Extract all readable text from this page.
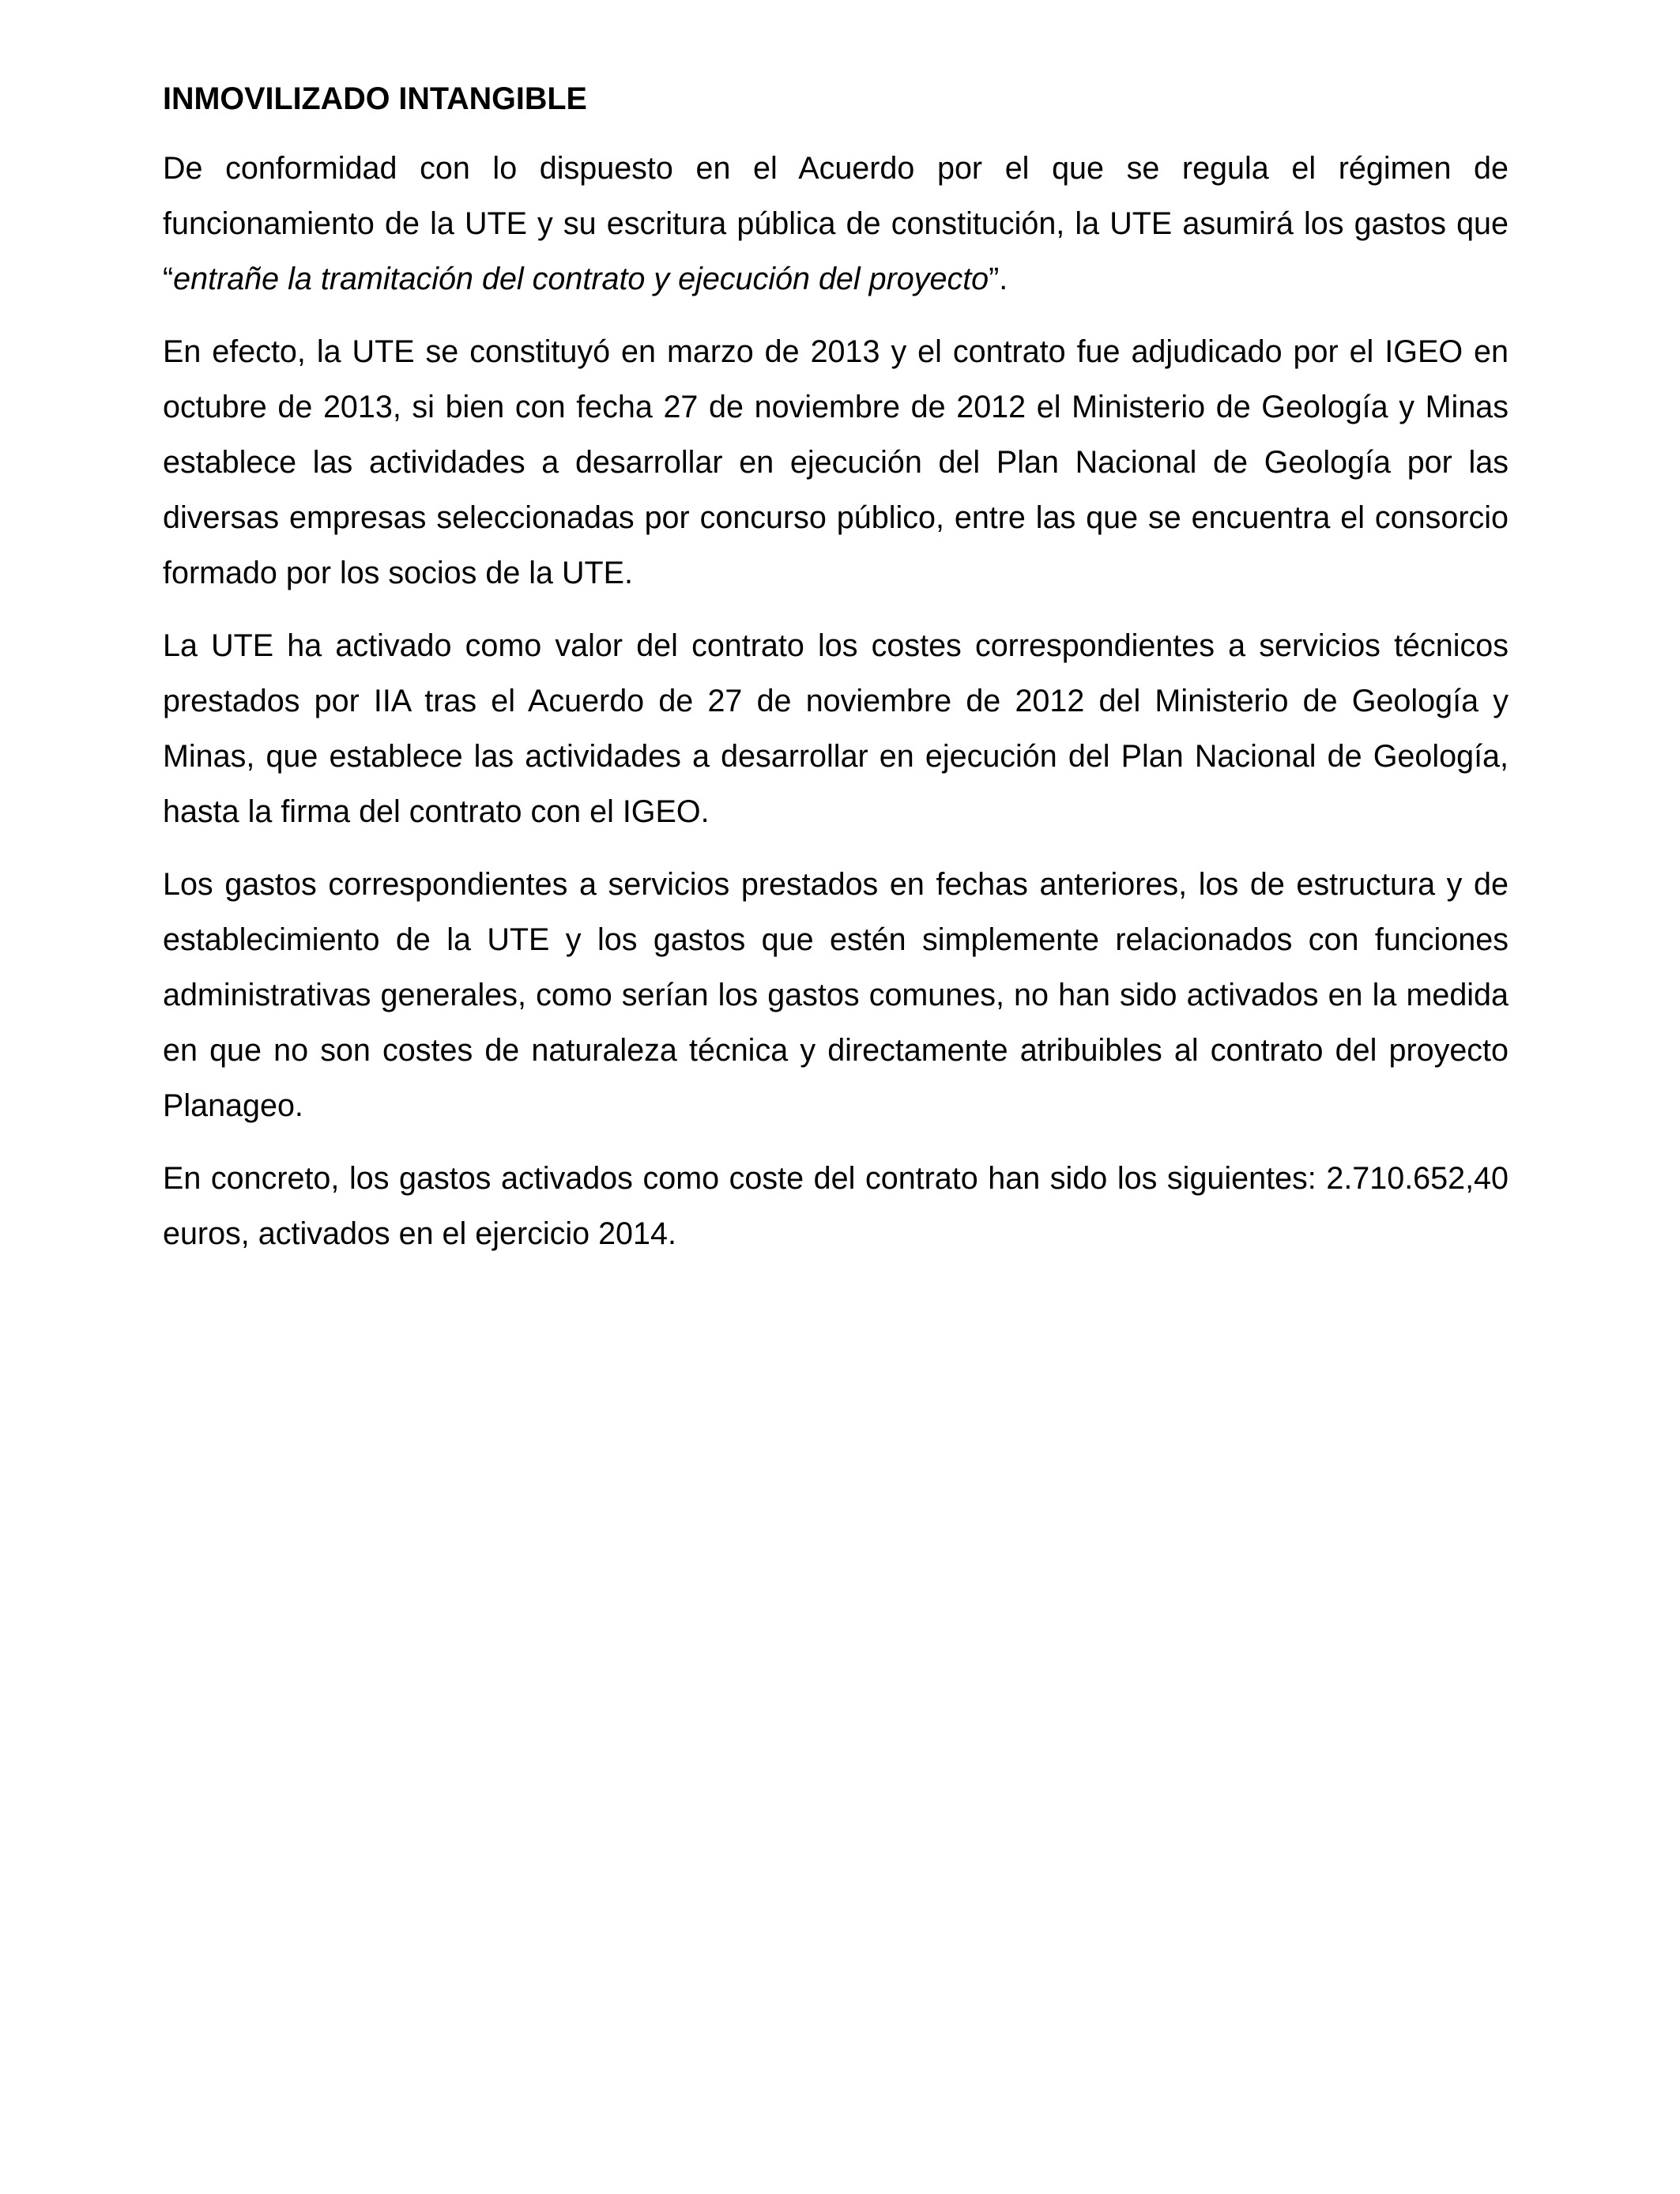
INMOVILIZADO INTANGIBLE

De conformidad con lo dispuesto en el Acuerdo por el que se regula el régimen de funcionamiento de la UTE y su escritura pública de constitución, la UTE asumirá los gastos que “entrañe la tramitación del contrato y ejecución del proyecto”.

En efecto, la UTE se constituyó en marzo de 2013 y el contrato fue adjudicado por el IGEO en octubre de 2013, si bien con fecha 27 de noviembre de 2012 el Ministerio de Geología y Minas establece las actividades a desarrollar en ejecución del Plan Nacional de Geología por las diversas empresas seleccionadas por concurso público, entre las que se encuentra el consorcio formado por los socios de la UTE.

La UTE ha activado como valor del contrato los costes correspondientes a servicios técnicos prestados por IIA tras el Acuerdo de 27 de noviembre de 2012 del Ministerio de Geología y Minas, que establece las actividades a desarrollar en ejecución del Plan Nacional de Geología, hasta la firma del contrato con el IGEO.

Los gastos correspondientes a servicios prestados en fechas anteriores, los de estructura y de establecimiento de la UTE y los gastos que estén simplemente relacionados con funciones administrativas generales, como serían los gastos comunes, no han sido activados en la medida en que no son costes de naturaleza técnica y directamente atribuibles al contrato del proyecto Planageo.

En concreto, los gastos activados como coste del contrato han sido los siguientes: 2.710.652,40 euros, activados en el ejercicio 2014.
